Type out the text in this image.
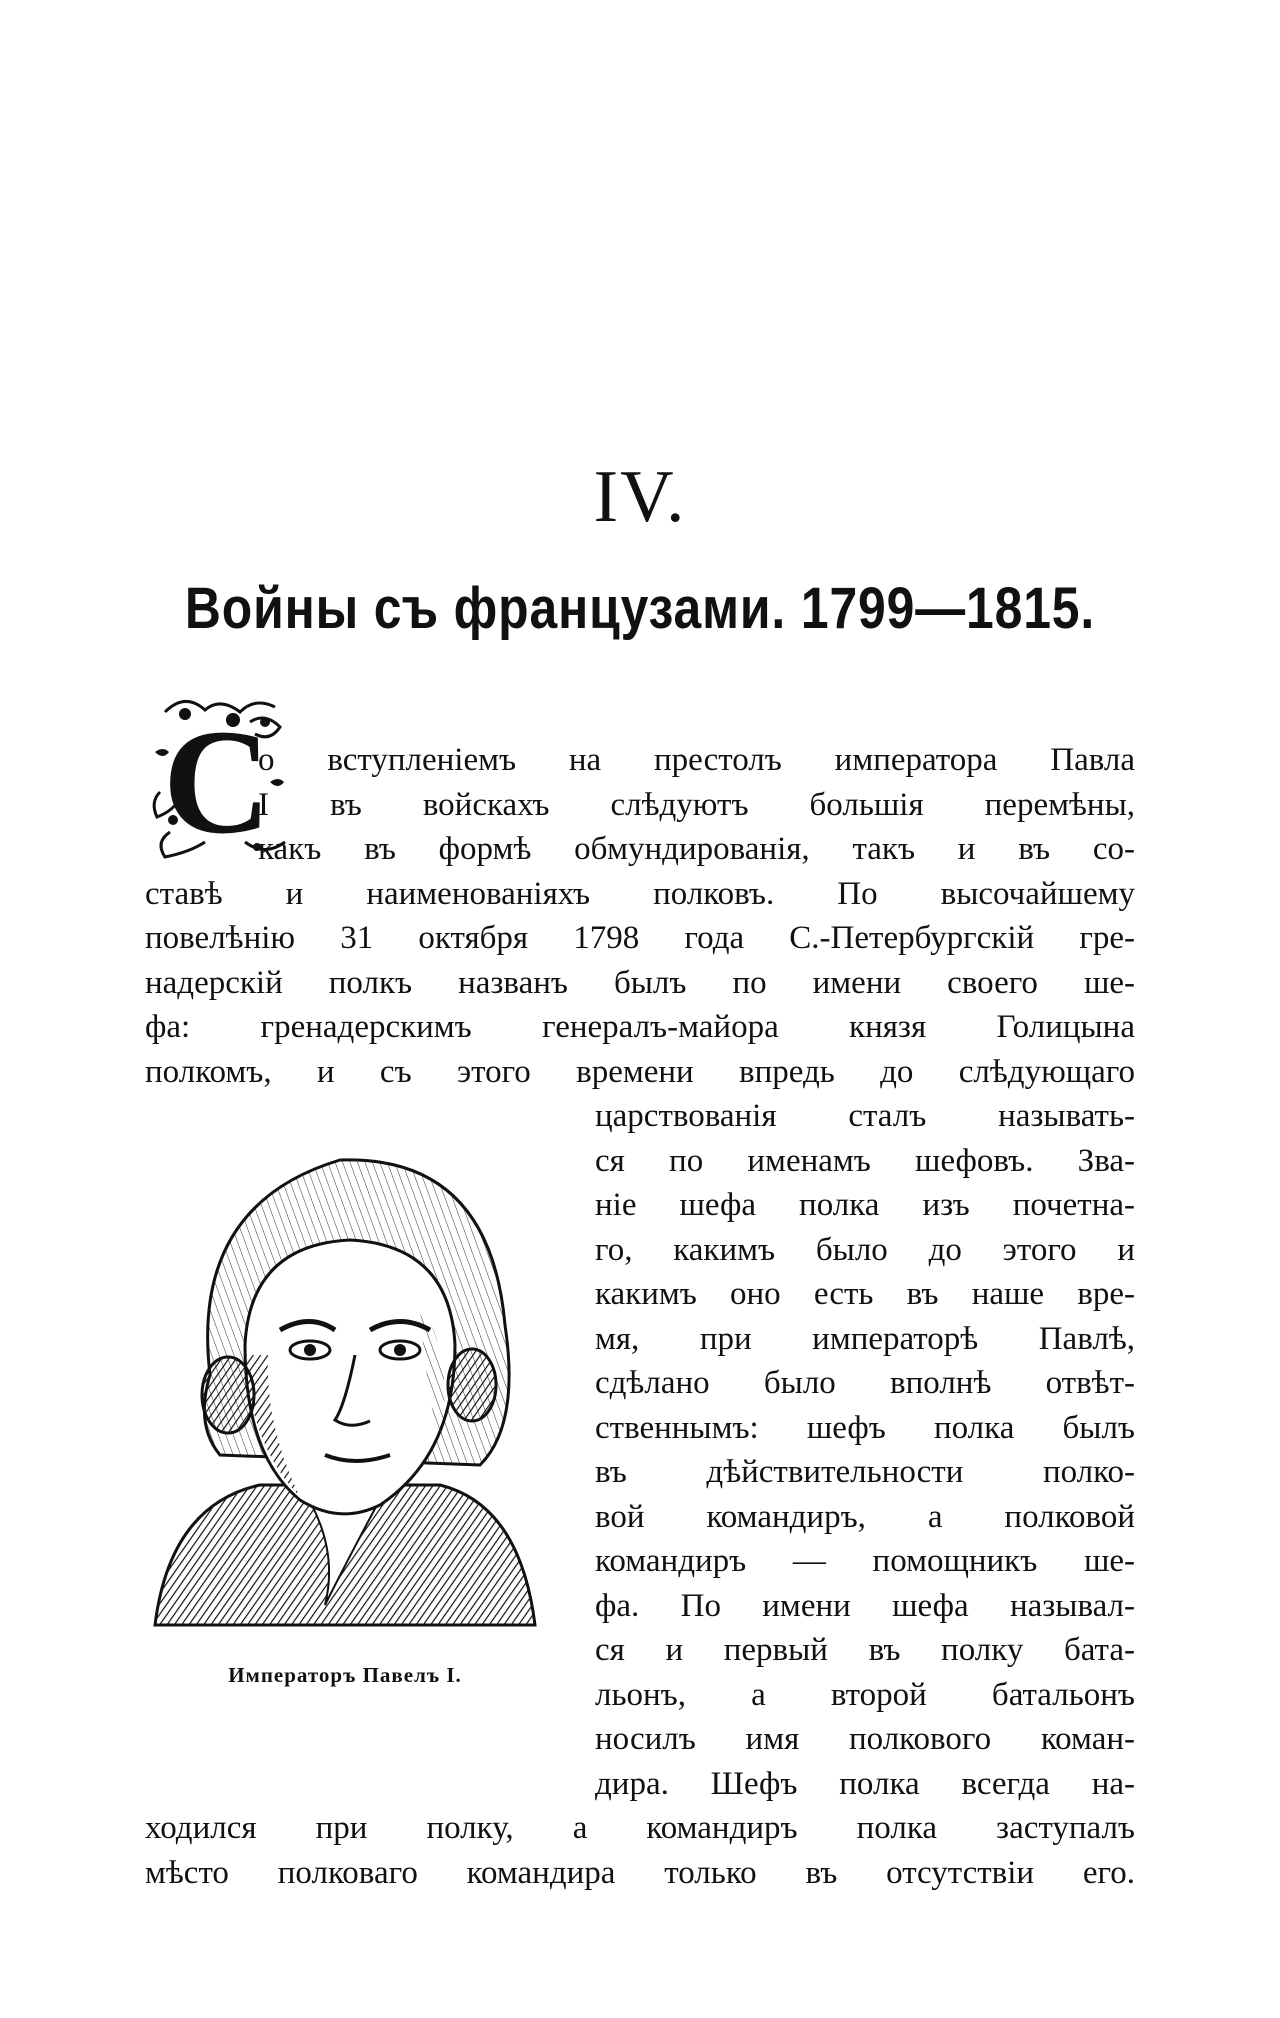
IV.
Войны съ французами. 1799—1815.
С
о вступленіемъ на престолъ императора Павла
I въ войскахъ слѣдуютъ большія перемѣны,
какъ въ формѣ обмундированія, такъ и въ со-
ставѣ и наименованіяхъ полковъ. По высочайшему
повелѣнію 31 октября 1798 года С.-Петербургскій гре-
надерскій полкъ названъ былъ по имени своего ше-
фа: гренадерскимъ генералъ-майора князя Голицына
полкомъ, и съ этого времени впредь до слѣдующаго
царствованія сталъ называть-
ся по именамъ шефовъ. Зва-
ніе шефа полка изъ почетна-
го, какимъ было до этого и
какимъ оно есть въ наше вре-
мя, при императорѣ Павлѣ,
сдѣлано было вполнѣ отвѣт-
ственнымъ: шефъ полка былъ
въ дѣйствительности полко-
вой командиръ, а полковой
командиръ — помощникъ ше-
фа. По имени шефа называл-
ся и первый въ полку бата-
льонъ, а второй батальонъ
носилъ имя полкового коман-
дира. Шефъ полка всегда на-
ходился при полку, а командиръ полка заступалъ
мѣсто полковаго командира только въ отсутствіи его.
Императоръ Павелъ I.
